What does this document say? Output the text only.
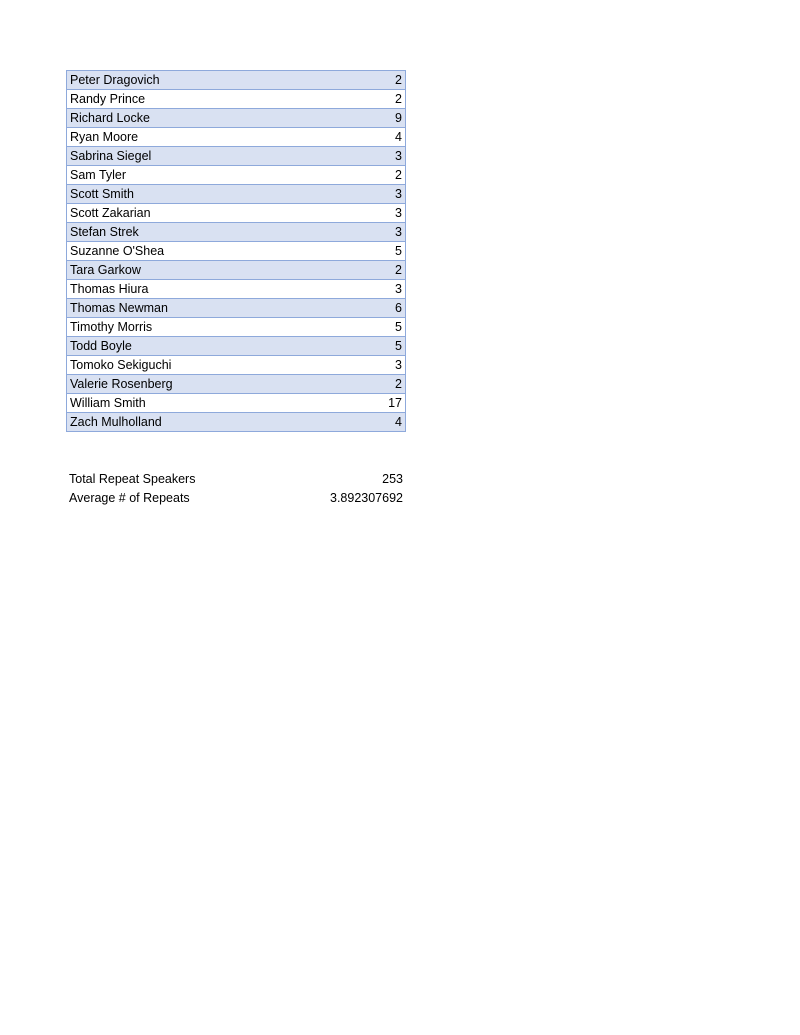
Peter Dragovich	2
Randy Prince	2
Richard Locke	9
Ryan Moore	4
Sabrina Siegel	3
Sam Tyler	2
Scott Smith	3
Scott Zakarian	3
Stefan Strek	3
Suzanne O'Shea	5
Tara Garkow	2
Thomas Hiura	3
Thomas Newman	6
Timothy Morris	5
Todd Boyle	5
Tomoko Sekiguchi	3
Valerie Rosenberg	2
William Smith	17
Zach Mulholland	4
Total Repeat Speakers	253
Average # of Repeats	3.892307692
